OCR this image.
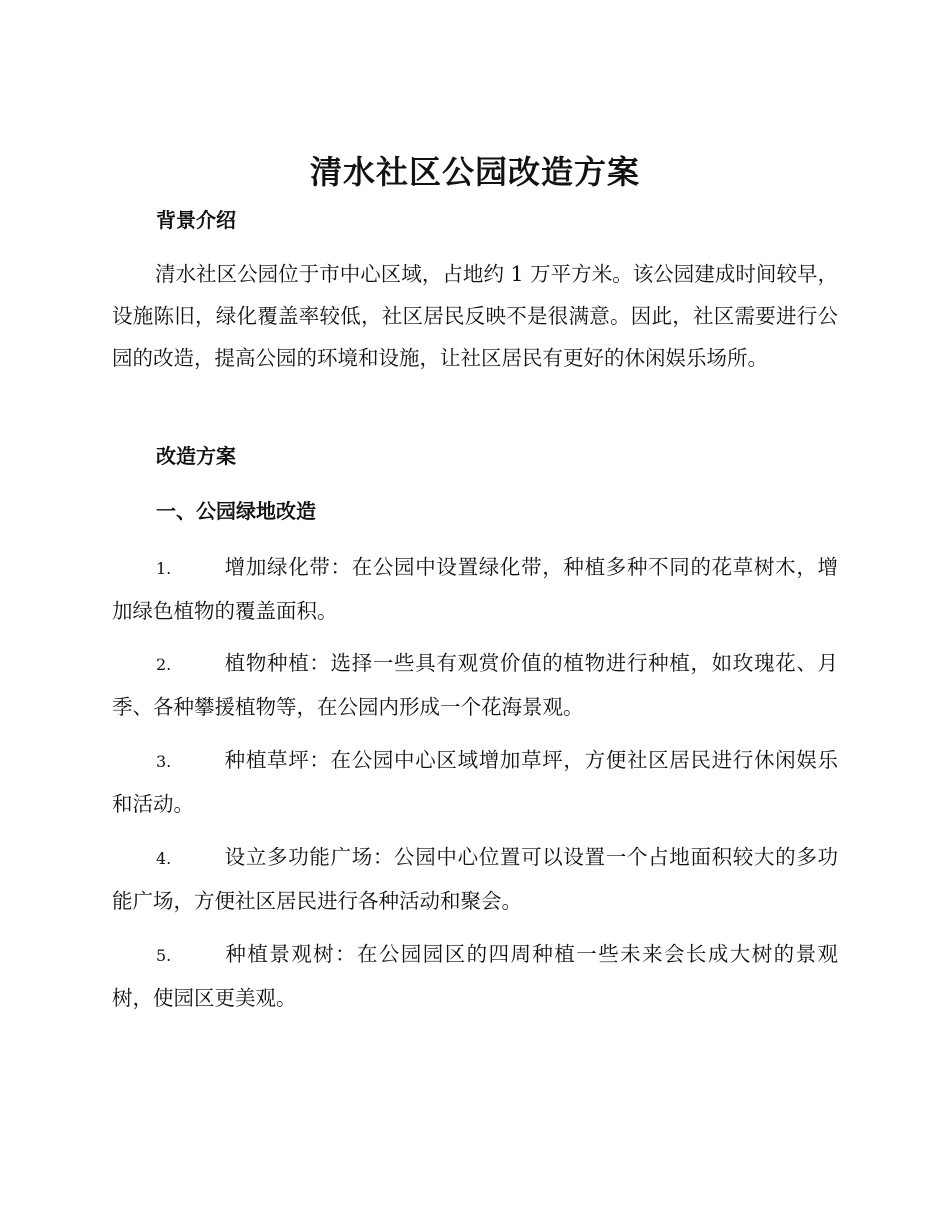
清水社区公园改造方案
背景介绍
清水社区公园位于市中心区域，占地约 1 万平方米。该公园建成时间较早，设施陈旧，绿化覆盖率较低，社区居民反映不是很满意。因此，社区需要进行公园的改造，提高公园的环境和设施，让社区居民有更好的休闲娱乐场所。
改造方案
一、公园绿地改造
1.	增加绿化带：在公园中设置绿化带，种植多种不同的花草树木，增加绿色植物的覆盖面积。
2.	植物种植：选择一些具有观赏价值的植物进行种植，如玫瑰花、月季、各种攀援植物等，在公园内形成一个花海景观。
3.	种植草坪：在公园中心区域增加草坪，方便社区居民进行休闲娱乐和活动。
4.	设立多功能广场：公园中心位置可以设置一个占地面积较大的多功能广场，方便社区居民进行各种活动和聚会。
5.	种植景观树：在公园园区的四周种植一些未来会长成大树的景观树，使园区更美观。
